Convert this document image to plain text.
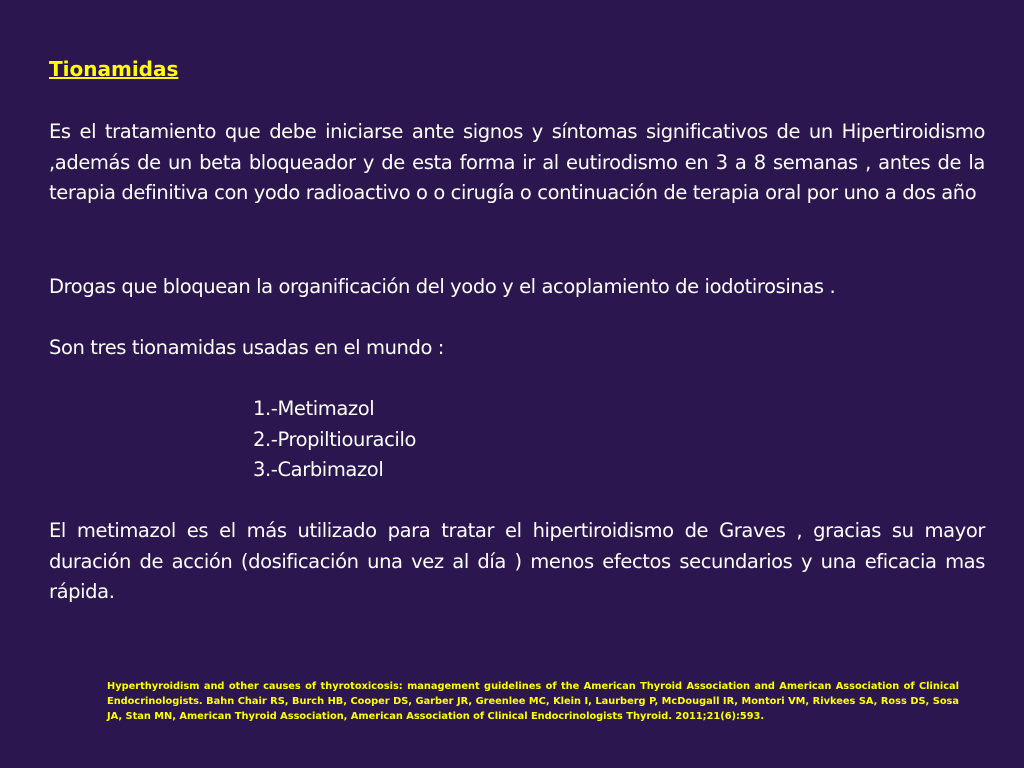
Tionamidas
Es el tratamiento que debe iniciarse ante signos y síntomas significativos de un Hipertiroidismo ,además de un beta bloqueador y de esta forma ir al eutirodismo en 3 a 8 semanas , antes de la terapia definitiva con yodo radioactivo o o cirugía o continuación de terapia oral por uno a dos año
Drogas que bloquean la organificación del yodo y el acoplamiento de iodotirosinas .
Son tres tionamidas usadas en el mundo :
1.-Metimazol
2.-Propiltiouracilo
3.-Carbimazol
El metimazol es el más utilizado para tratar el hipertiroidismo de Graves , gracias su mayor duración de acción (dosificación una vez al día ) menos efectos secundarios y una eficacia mas rápida.
Hyperthyroidism and other causes of thyrotoxicosis: management guidelines of the American Thyroid Association and American Association of Clinical Endocrinologists. Bahn Chair RS, Burch HB, Cooper DS, Garber JR, Greenlee MC, Klein I, Laurberg P, McDougall IR, Montori VM, Rivkees SA, Ross DS, Sosa JA, Stan MN, American Thyroid Association, American Association of Clinical Endocrinologists Thyroid. 2011;21(6):593.
